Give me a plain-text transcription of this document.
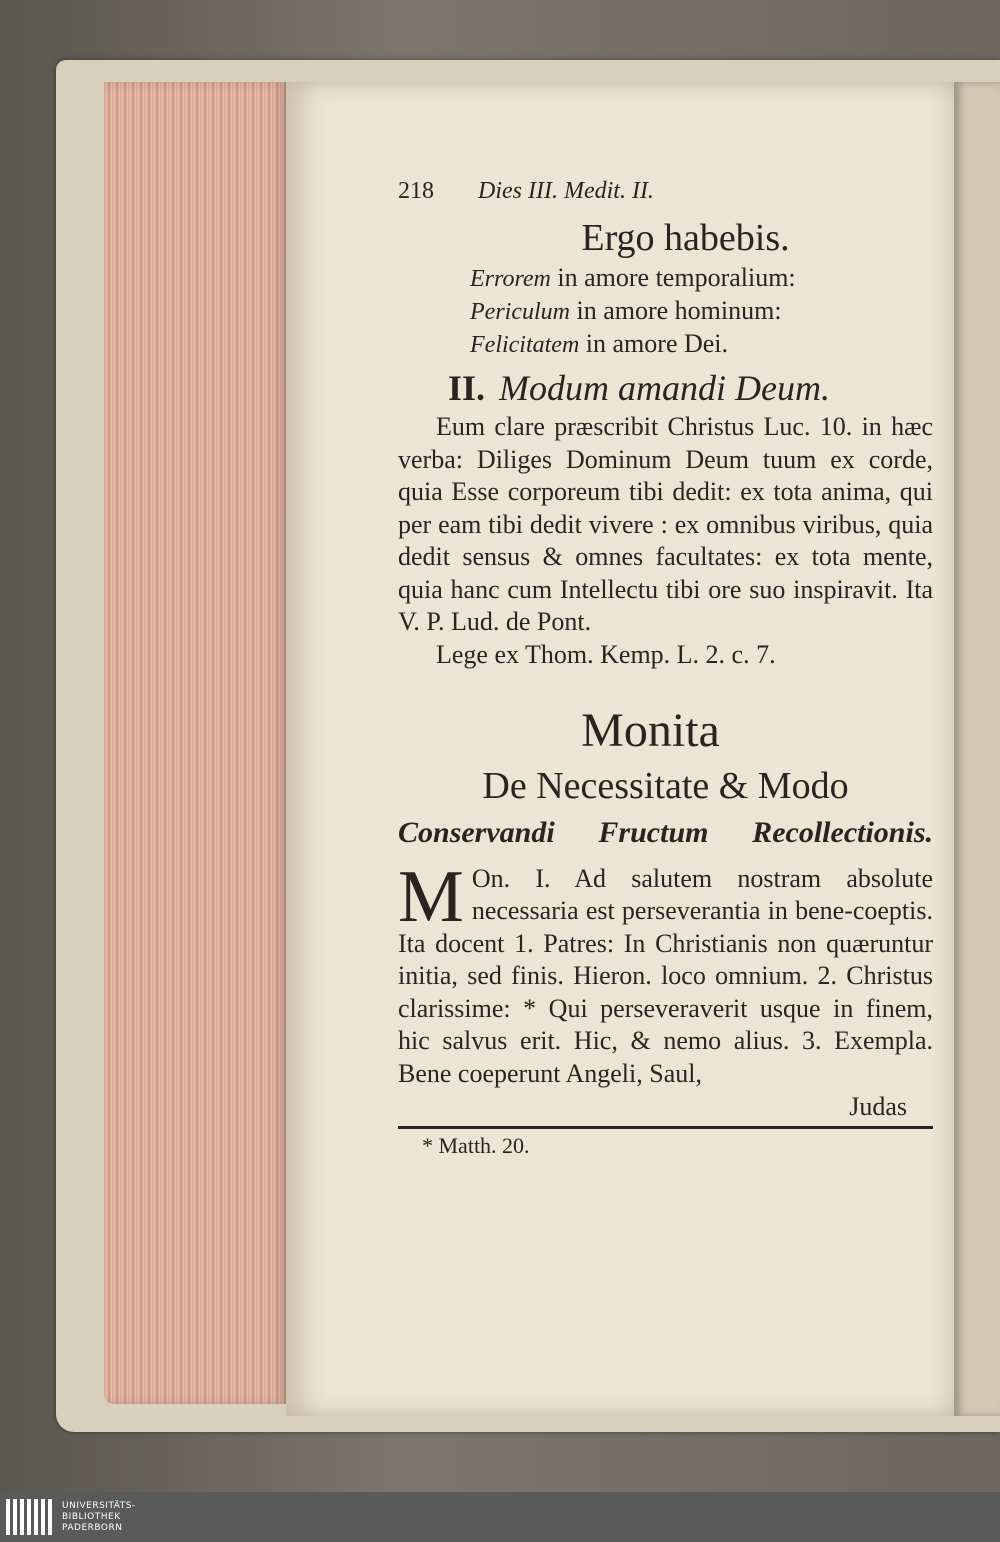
218	Dies III. Medit. II.
Ergo habebis.
Errorem in amore temporalium:
Periculum in amore hominum:
Felicitatem in amore Dei.
II. Modum amandi Deum.
Eum clare præscribit Christus Luc. 10. in hæc verba: Diliges Dominum Deum tuum ex corde, quia Esse corporeum tibi dedit: ex tota anima, qui per eam tibi dedit vivere : ex omnibus viribus, quia dedit sensus & omnes facultates: ex tota mente, quia hanc cum Intellectu tibi ore suo inspiravit. Ita V. P. Lud. de Pont.
Lege ex Thom. Kemp. L. 2. c. 7.
Monita
De Necessitate & Modo
Conservandi Fructum Recollectionis.
M On. I. Ad salutem nostram absolute necessaria est perseverantia in bene-coeptis. Ita docent 1. Patres: In Christianis non quæruntur initia, sed finis. Hieron. loco omnium. 2. Christus clarissime: * Qui perseveraverit usque in finem, hic salvus erit. Hic, & nemo alius. 3. Exempla. Bene coeperunt Angeli, Saul,
Judas
* Matth. 20.
UNIVERSITÄTS-
BIBLIOTHEK
PADERBORN
